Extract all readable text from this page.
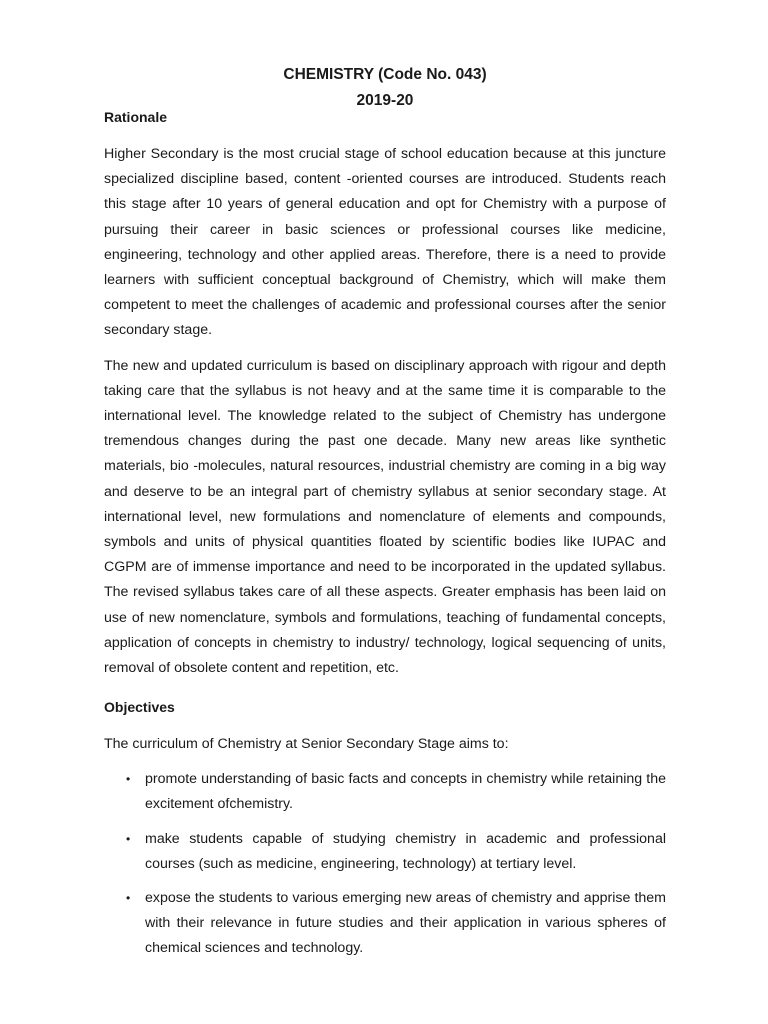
CHEMISTRY (Code No. 043)
2019-20
Rationale

Higher Secondary is the most crucial stage of school education because at this juncture specialized discipline based, content -oriented courses are introduced. Students reach this stage after 10 years of general education and opt for Chemistry with a purpose of pursuing their career in basic sciences or professional courses like medicine, engineering, technology and other applied areas. Therefore, there is a need to provide learners with sufficient conceptual background of Chemistry, which will make them competent to meet the challenges of academic and professional courses after the senior secondary stage.

The new and updated curriculum is based on disciplinary approach with rigour and depth taking care that the syllabus is not heavy and at the same time it is comparable to the international level. The knowledge related to the subject of Chemistry has undergone tremendous changes during the past one decade. Many new areas like synthetic materials, bio -molecules, natural resources, industrial chemistry are coming in a big way and deserve to be an integral part of chemistry syllabus at senior secondary stage. At international level, new formulations and nomenclature of elements and compounds, symbols and units of physical quantities floated by scientific bodies like IUPAC and CGPM are of immense importance and need to be incorporated in the updated syllabus. The revised syllabus takes care of all these aspects. Greater emphasis has been laid on use of new nomenclature, symbols and formulations, teaching of fundamental concepts, application of concepts in chemistry to industry/ technology, logical sequencing of units, removal of obsolete content and repetition, etc.

Objectives

The curriculum of Chemistry at Senior Secondary Stage aims to:

• promote understanding of basic facts and concepts in chemistry while retaining the excitement ofchemistry.
• make students capable of studying chemistry in academic and professional courses (such as medicine, engineering, technology) at tertiary level.
• expose the students to various emerging new areas of chemistry and apprise them with their relevance in future studies and their application in various spheres of chemical sciences and technology.
